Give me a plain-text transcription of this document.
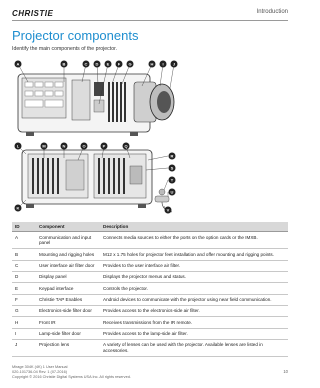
CHRISTIE	Introduction
Projector components

Identify the main components of the projector.

A	B	C D E F G	H I J
L	M	N	O	P	Q
R
S
T
U
V
K
ID	Component	Description
A	Communication and input panel	Connects media sources to either the ports on the option cards or the IMXB.
B	Mounting and rigging holes	M12 x 1.75 holes for projector feet installation and offer mounting and rigging points.
C	User interface air filter door	Provides to the user interface air filter.
D	Display panel	Displays the projector menus and status.
E	Keypad interface	Controls the projector.
F	Christie TAP Enables	Android devices to communicate with the projector using near field communication.
G	Electronics-side filter door	Provides access to the electronics-side air filter.
H	Front IR	Receives transmissions from the IR remote.
I	Lamp-side filter door	Provides access to the lamp-side air filter.
J	Projection lens	A variety of lenses can be used with the projector. Available lenses are listed in accessories.
Mirage 304K (4K) 1 User Manual
020-101736-04 Rev. 1 (07-2016)
Copyright © 2016 Christie Digital Systems USA Inc. All rights reserved.
10
